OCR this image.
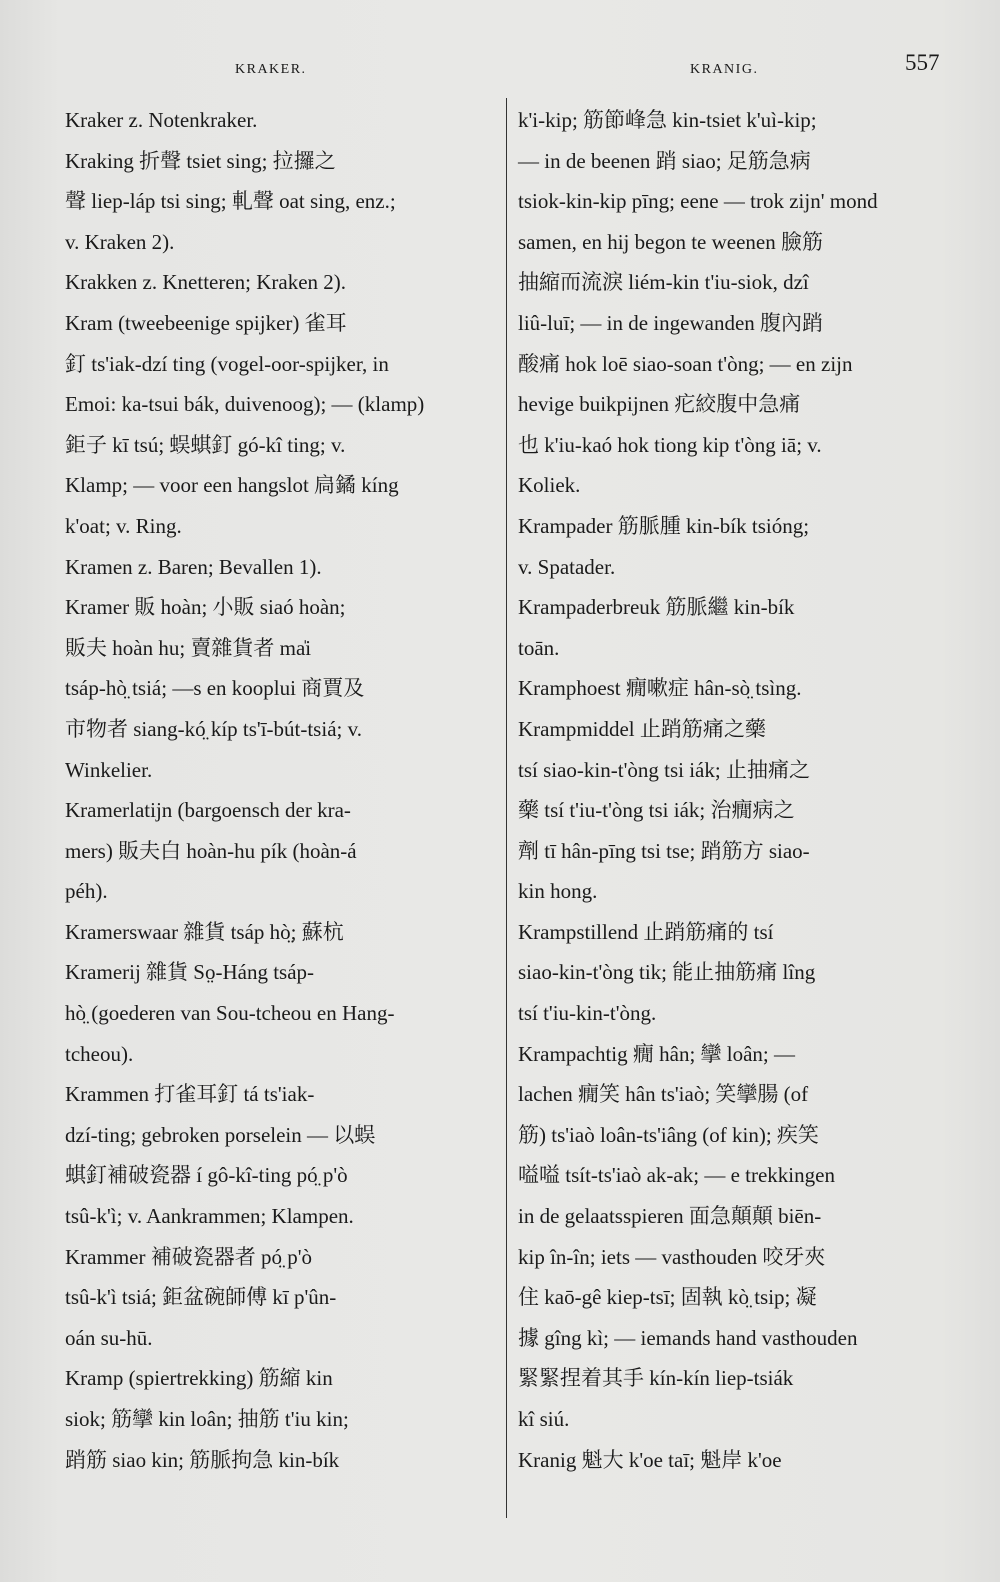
KRAKER.	KRANIG.	557
Kraker z. Notenkraker.
Kraking 折聲 tsiet sing; 拉攞之
聲 liep-láp tsi sing; 軋聲 oat sing, enz.;
v. Kraken 2).
Krakken z. Knetteren; Kraken 2).
Kram (tweebeenige spijker) 雀耳
釘 ts'iak-dzí ting (vogel-oor-spijker, in
Emoi: ka-tsui bák, duivenoog); — (klamp)
鉅子 kī tsú; 蜈蜞釘 gó-kî ting; v.
Klamp; — voor een hangslot 扃鐍 kíng
k'oat; v. Ring.
Kramen z. Baren; Bevallen 1).
Kramer 販 hoàn; 小販 siaó hoàn;
販夫 hoàn hu; 賣雜貨者 ma̍i
tsáp-hò̤ tsiá; —s en kooplui 商賈及
市物者 siang-kó̤ kíp ts'ī-bút-tsiá; v.
Winkelier.
Kramerlatijn (bargoensch der kra-
mers) 販夫白 hoàn-hu pík (hoàn-á
péh).
Kramerswaar 雜貨 tsáp hò̤; 蘇杭
Kramerij 雜貨 So̤-Háng tsáp-
hò̤ (goederen van Sou-tcheou en Hang-
tcheou).
Krammen 打雀耳釘 tá ts'iak-
dzí-ting; gebroken porselein — 以蜈
蜞釘補破瓷器 í gô-kî-ting pó̤ p'ò
tsû-k'ì; v. Aankrammen; Klampen.
Krammer 補破瓷器者 pó̤ p'ò
tsû-k'ì tsiá; 鉅盆碗師傅 kī p'ûn-
oán su-hū.
Kramp (spiertrekking) 筋縮 kin
siok; 筋攣 kin loân; 抽筋 t'iu kin;
踃筋 siao kin; 筋脈拘急 kin-bík
k'i-kip; 筋節峰急 kin-tsiet k'uì-kip;
— in de beenen 踃 siao; 足筋急病
tsiok-kin-kip pīng; eene — trok zijn' mond
samen, en hij begon te weenen 臉筋
抽縮而流淚 liém-kin t'iu-siok, dzî
liû-luī; — in de ingewanden 腹內踃
酸痛 hok loē siao-soan t'òng; — en zijn
hevige buikpijnen 疕絞腹中急痛
也 k'iu-kaó hok tiong kip t'òng iā; v.
Koliek.
Krampader 筋脈腫 kin-bík tsióng;
v. Spatader.
Krampaderbreuk 筋脈繼 kin-bík
toān.
Kramphoest 癇嗽症 hân-sò̤ tsìng.
Krampmiddel 止踃筋痛之藥
tsí siao-kin-t'òng tsi iák; 止抽痛之
藥 tsí t'iu-t'òng tsi iák; 治癇病之
劑 tī hân-pīng tsi tse; 踃筋方 siao-
kin hong.
Krampstillend 止踃筋痛的 tsí
siao-kin-t'òng tik; 能止抽筋痛 lîng
tsí t'iu-kin-t'òng.
Krampachtig 癇 hân; 攣 loân; —
lachen 癇笑 hân ts'iaò; 笑攣腸 (of
筋) ts'iaò loân-ts'iâng (of kin); 疾笑
嗌嗌 tsít-ts'iaò ak-ak; — e trekkingen
in de gelaatsspieren 面急顛顛 biēn-
kip în-în; iets — vasthouden 咬牙夾
住 kaō-gê kiep-tsī; 固執 kò̤ tsip; 凝
據 gîng kì; — iemands hand vasthouden
緊緊捏着其手 kín-kín liep-tsiák
kî siú.
Kranig 魁大 k'oe taī; 魁岸 k'oe
